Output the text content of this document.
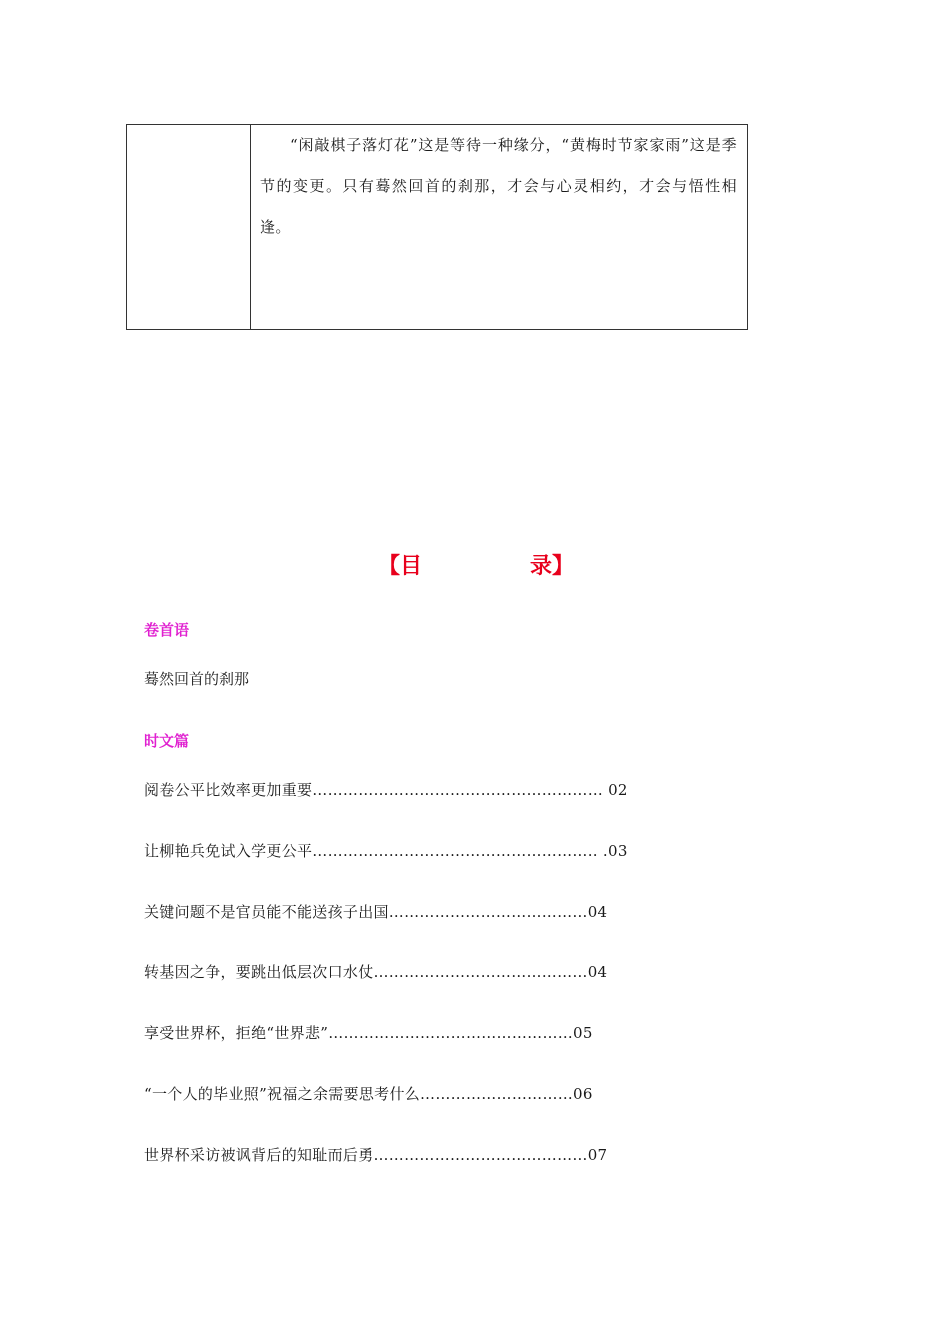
“闲敲棋子落灯花”这是等待一种缘分，“黄梅时节家家雨”这是季节的变更。只有蓦然回首的刹那，才会与心灵相约，才会与悟性相逢。

【目	录】

卷首语

蓦然回首的刹那

时文篇

阅卷公平比效率更加重要………………………………………………… 02

让柳艳兵免试入学更公平……………………………………………….. .03

关键问题不是官员能不能送孩子出国…………………………………04

转基因之争，要跳出低层次口水仗……………………………………04

享受世界杯，拒绝“世界悲”…………………………………………05

“一个人的毕业照”祝福之余需要思考什么…………………………06

世界杯采访被讽背后的知耻而后勇……………………………………07
